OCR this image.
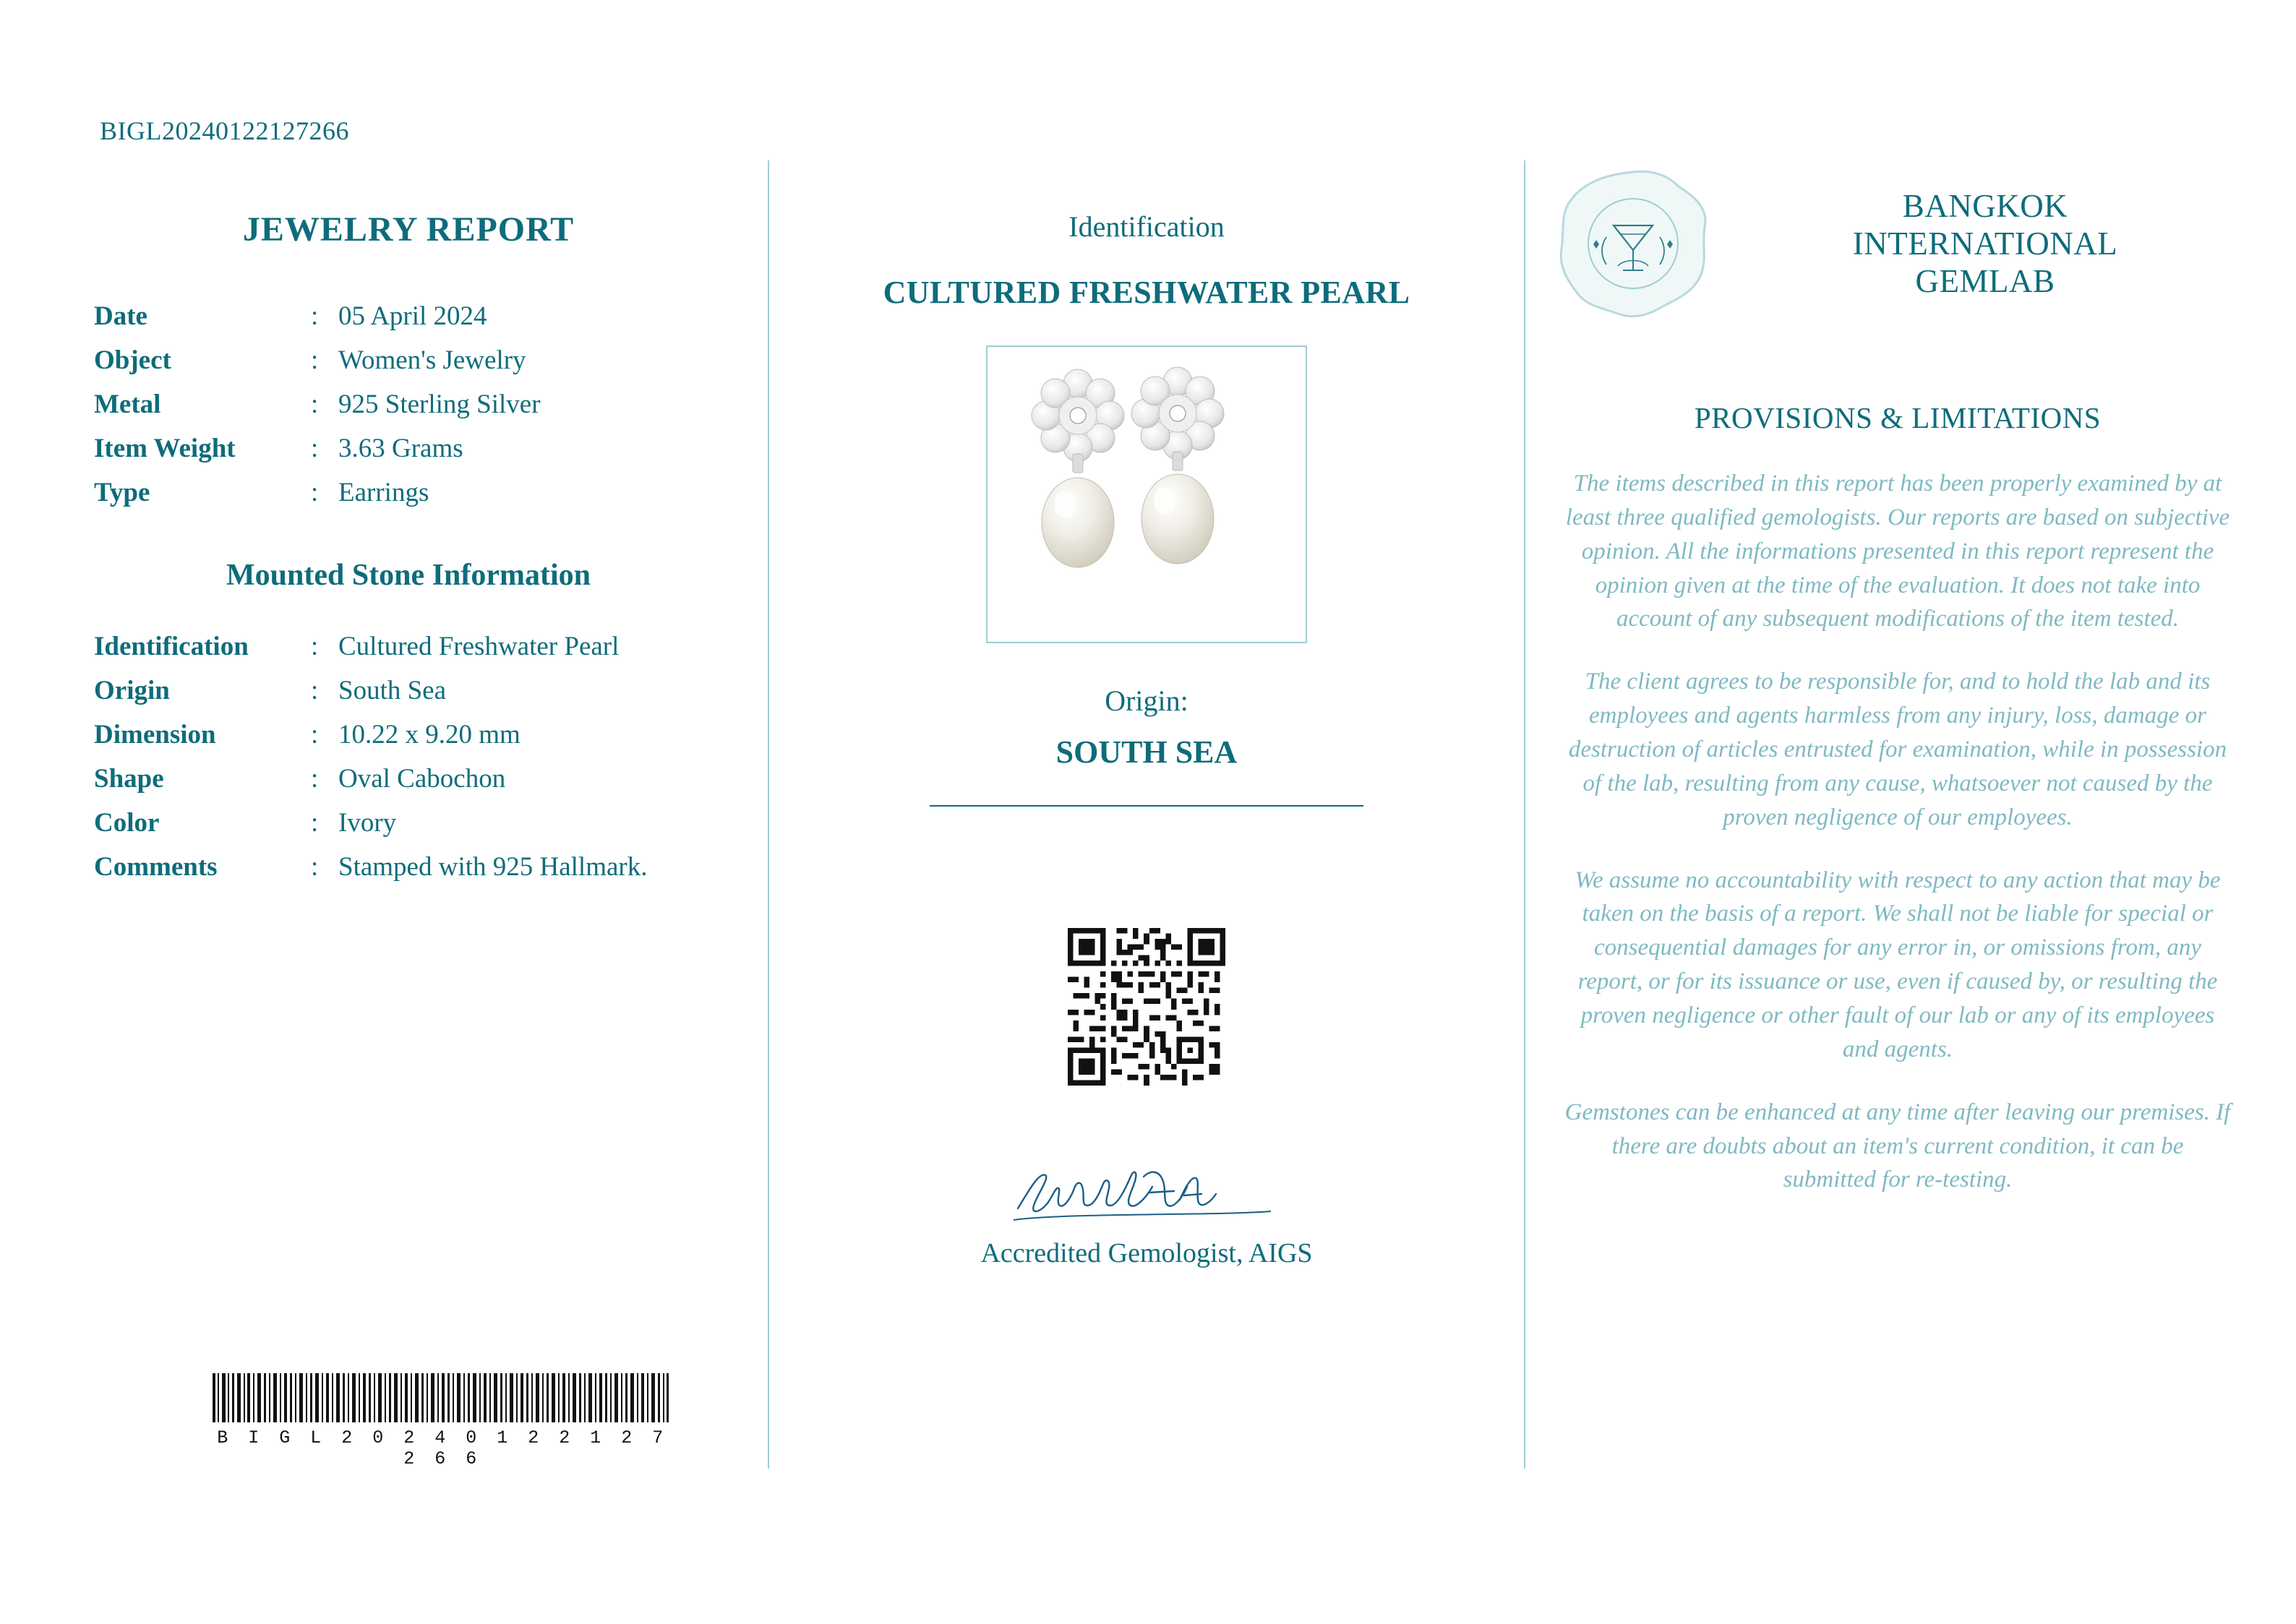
BIGL20240122127266
JEWELRY REPORT
Date	:	05 April 2024
Object	:	Women's Jewelry
Metal	:	925 Sterling Silver
Item Weight	:	3.63 Grams
Type	:	Earrings
Mounted Stone Information
Identification	:	Cultured Freshwater Pearl
Origin	:	South Sea
Dimension	:	10.22 x 9.20 mm
Shape	:	Oval Cabochon
Color	:	Ivory
Comments	:	Stamped with 925 Hallmark.
B I G L 2 0 2 4 0 1 2 2 1 2 7 2 6 6
Identification
CULTURED FRESHWATER PEARL
Origin:
SOUTH SEA
Accredited Gemologist, AIGS
BANGKOK
INTERNATIONAL
GEMLAB
PROVISIONS & LIMITATIONS

The items described in this report has been properly examined by at least three qualified gemologists. Our reports are based on subjective opinion. All the informations presented in this report represent the opinion given at the time of the evaluation. It does not take into account of any subsequent modifications of the item tested.

The client agrees to be responsible for, and to hold the lab and its employees and agents harmless from any injury, loss, damage or destruction of articles entrusted for examination, while in possession of the lab, resulting from any cause, whatsoever not caused by the proven negligence of our employees.

We assume no accountability with respect to any action that may be taken on the basis of a report. We shall not be liable for special or consequential damages for any error in, or omissions from, any report, or for its issuance or use, even if caused by, or resulting the proven negligence or other fault of our lab or any of its employees and agents.

Gemstones can be enhanced at any time after leaving our premises. If there are doubts about an item's current condition, it can be submitted for re-testing.
